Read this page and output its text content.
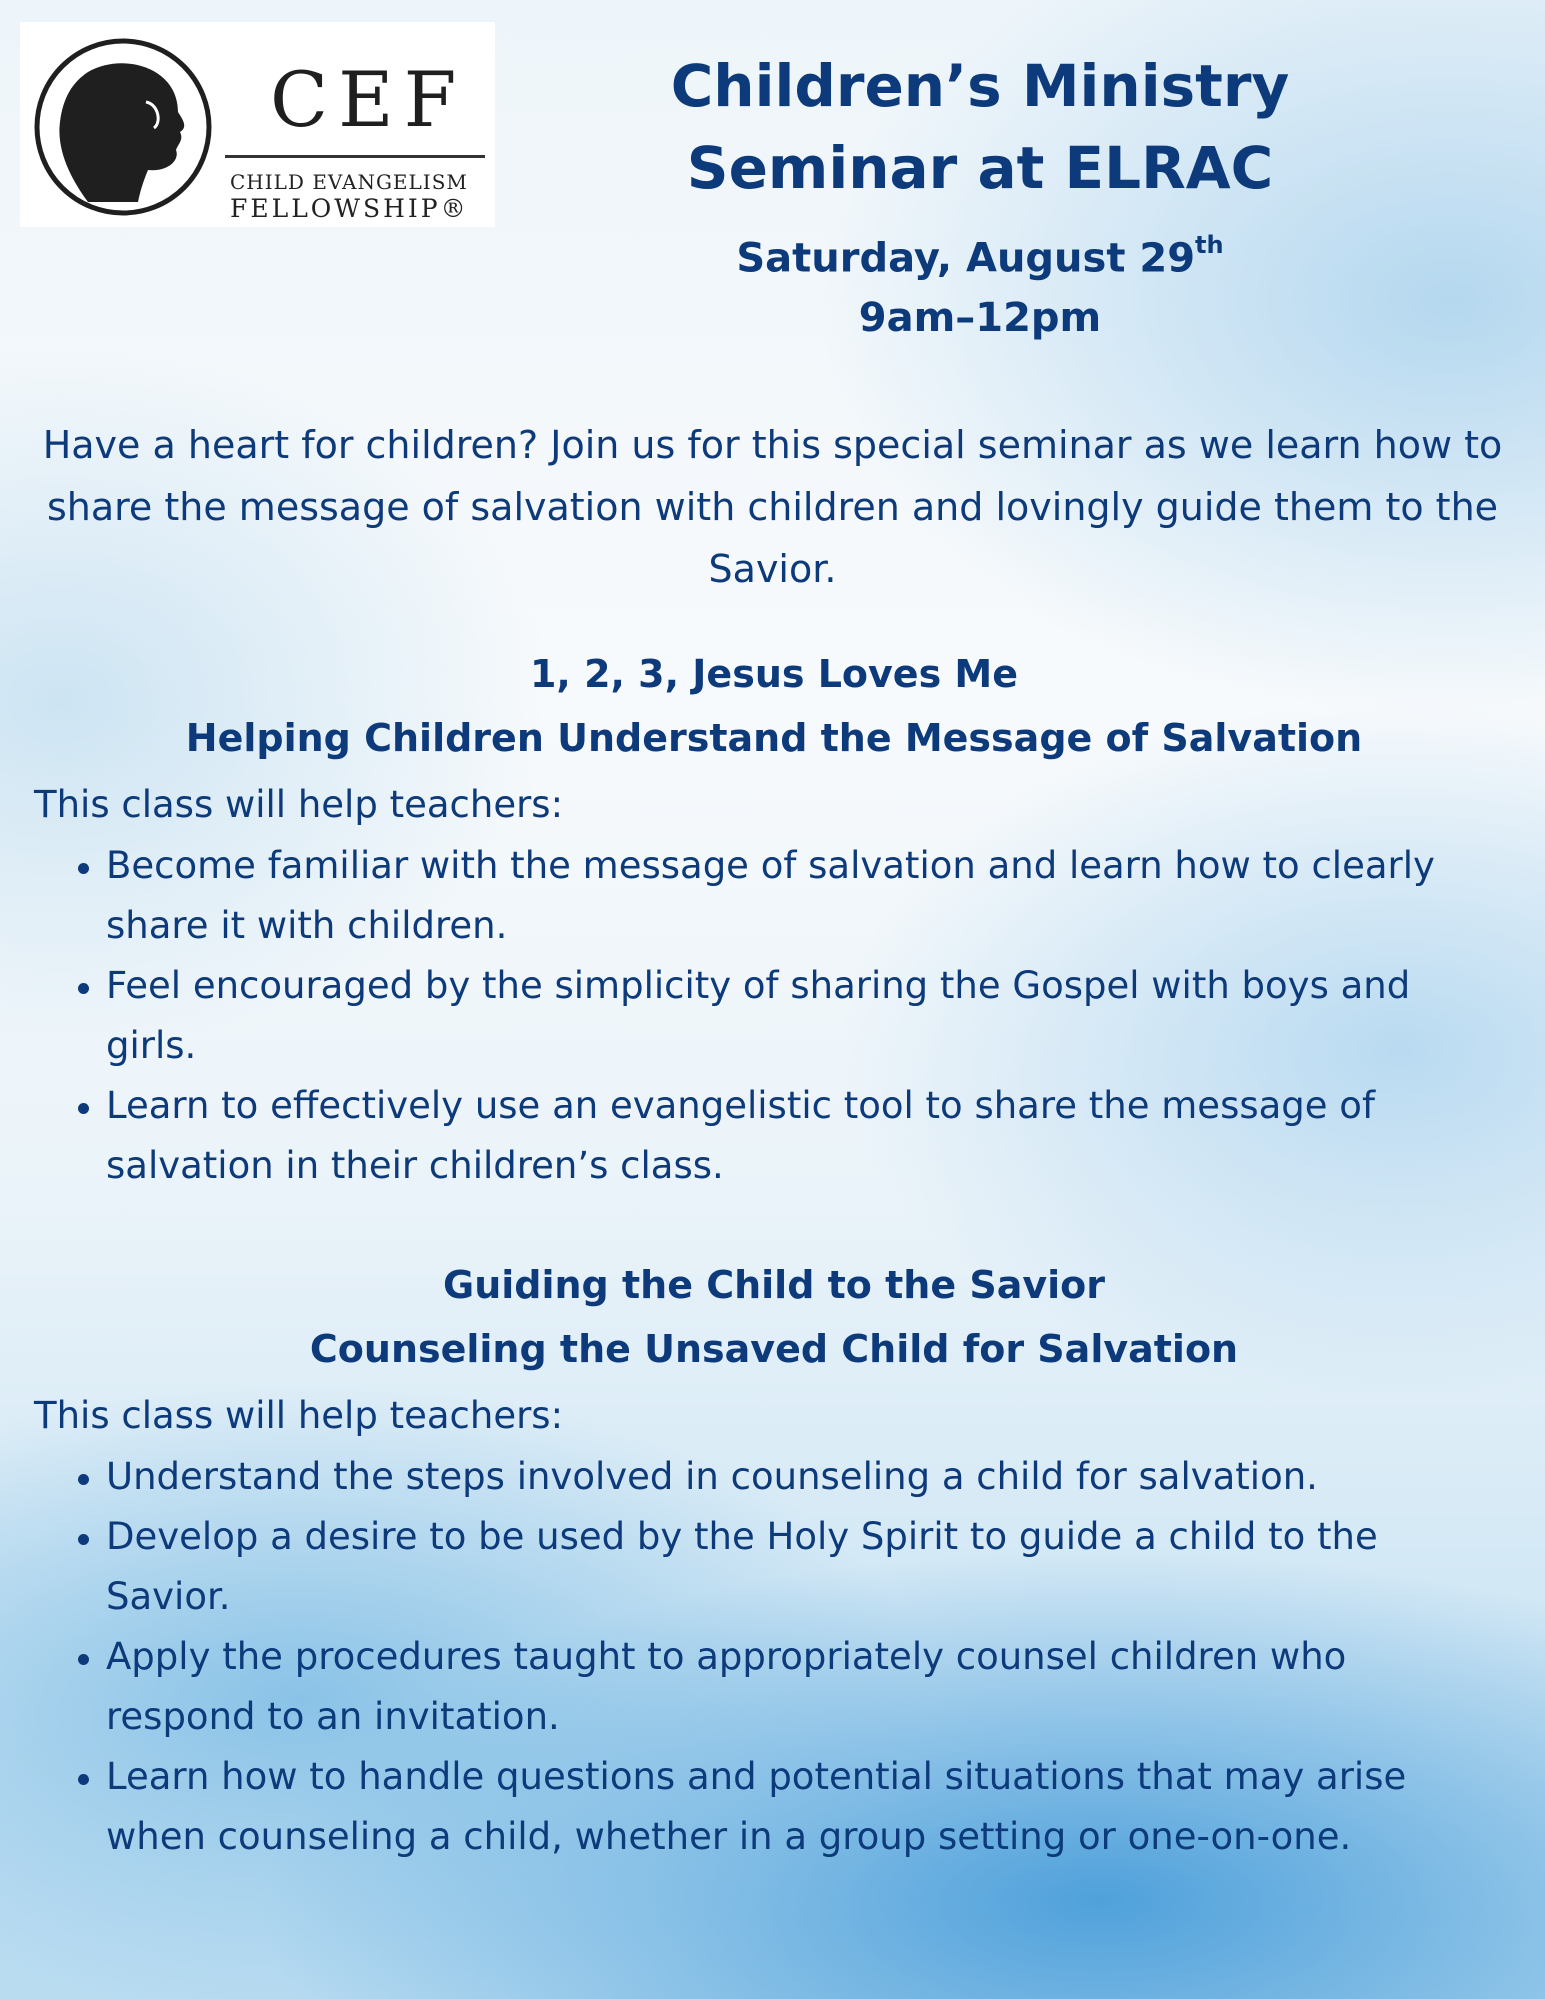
®
CEF
CHILD EVANGELISM
FELLOWSHIP®
Children’s Ministry
Seminar at ELRAC
Saturday, August 29th
9am–12pm
Have a heart for children? Join us for this special seminar as we learn how to share the message of salvation with children and lovingly guide them to the Savior.
1, 2, 3, Jesus Loves Me
Helping Children Understand the Message of Salvation
This class will help teachers:
Become familiar with the message of salvation and learn how to clearly share it with children.
Feel encouraged by the simplicity of sharing the Gospel with boys and girls.
Learn to effectively use an evangelistic tool to share the message of salvation in their children’s class.
Guiding the Child to the Savior
Counseling the Unsaved Child for Salvation
This class will help teachers:
Understand the steps involved in counseling a child for salvation.
Develop a desire to be used by the Holy Spirit to guide a child to the Savior.
Apply the procedures taught to appropriately counsel children who respond to an invitation.
Learn how to handle questions and potential situations that may arise when counseling a child, whether in a group setting or one-on-one.
